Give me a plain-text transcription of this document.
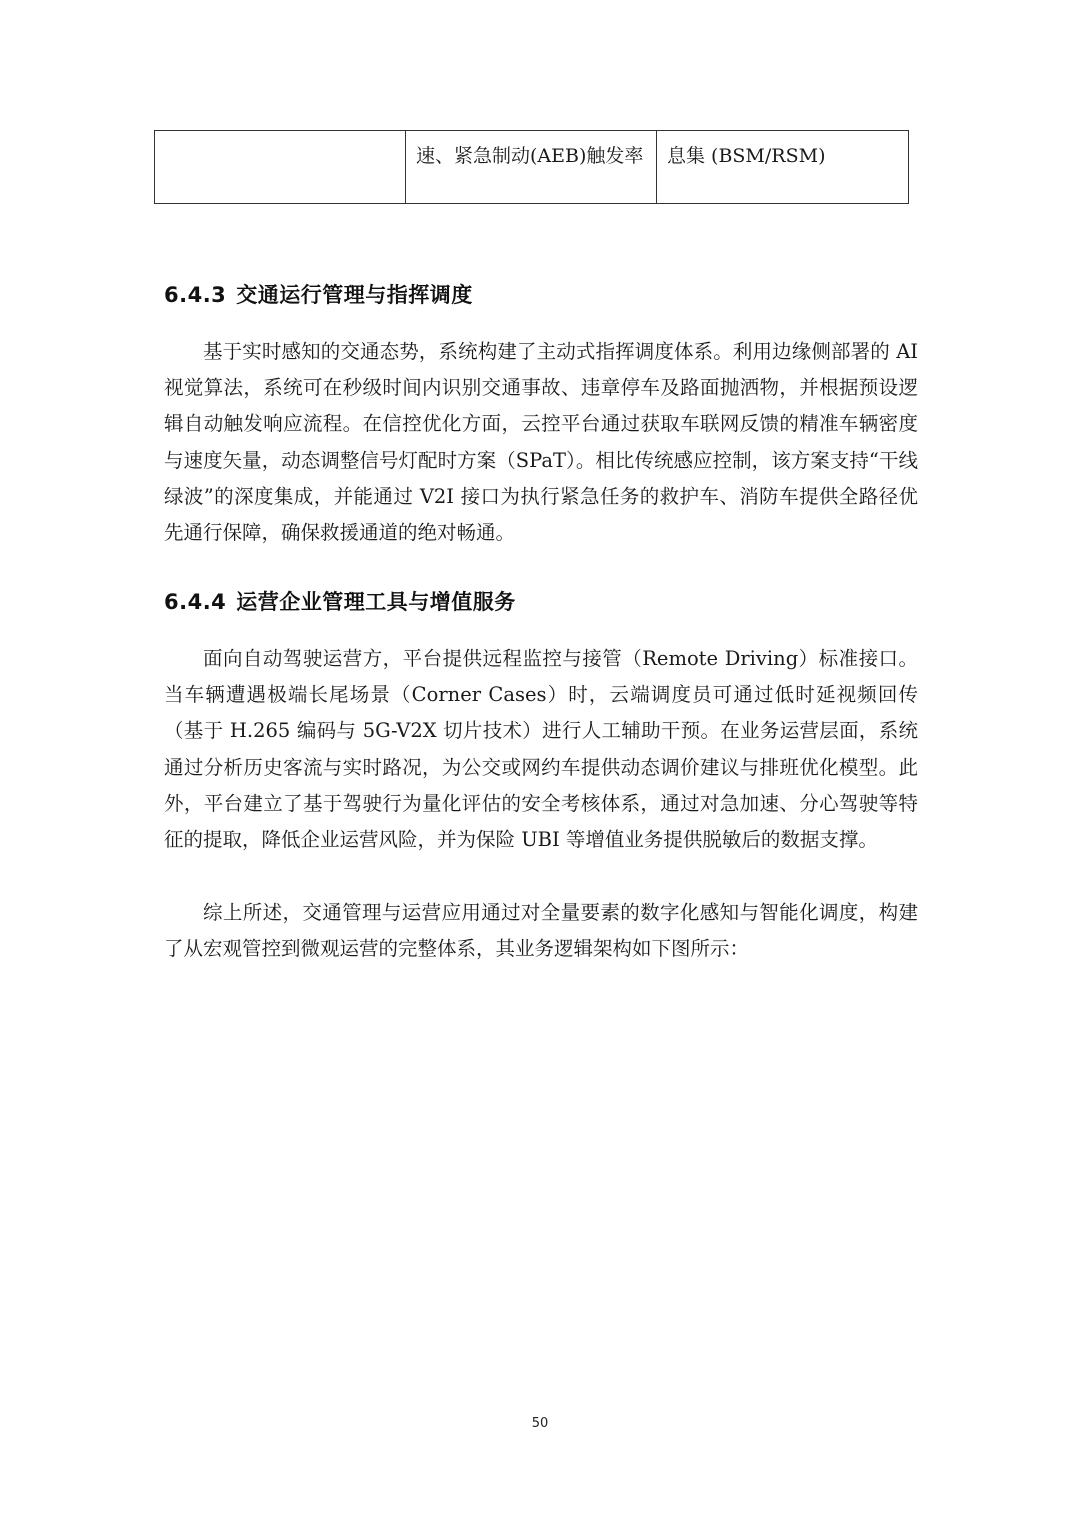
	速、紧急制动(AEB)触发率	息集 (BSM/RSM)
6.4.3 交通运行管理与指挥调度

基于实时感知的交通态势，系统构建了主动式指挥调度体系。利用边缘侧部署的 AI 视觉算法，系统可在秒级时间内识别交通事故、违章停车及路面抛洒物，并根据预设逻辑自动触发响应流程。在信控优化方面，云控平台通过获取车联网反馈的精准车辆密度与速度矢量，动态调整信号灯配时方案（SPaT）。相比传统感应控制，该方案支持“干线绿波”的深度集成，并能通过 V2I 接口为执行紧急任务的救护车、消防车提供全路径优先通行保障，确保救援通道的绝对畅通。

6.4.4 运营企业管理工具与增值服务

面向自动驾驶运营方，平台提供远程监控与接管（Remote Driving）标准接口。当车辆遭遇极端长尾场景（Corner Cases）时，云端调度员可通过低时延视频回传（基于 H.265 编码与 5G-V2X 切片技术）进行人工辅助干预。在业务运营层面，系统通过分析历史客流与实时路况，为公交或网约车提供动态调价建议与排班优化模型。此外，平台建立了基于驾驶行为量化评估的安全考核体系，通过对急加速、分心驾驶等特征的提取，降低企业运营风险，并为保险 UBI 等增值业务提供脱敏后的数据支撑。

综上所述，交通管理与运营应用通过对全量要素的数字化感知与智能化调度，构建了从宏观管控到微观运营的完整体系，其业务逻辑架构如下图所示：

50
